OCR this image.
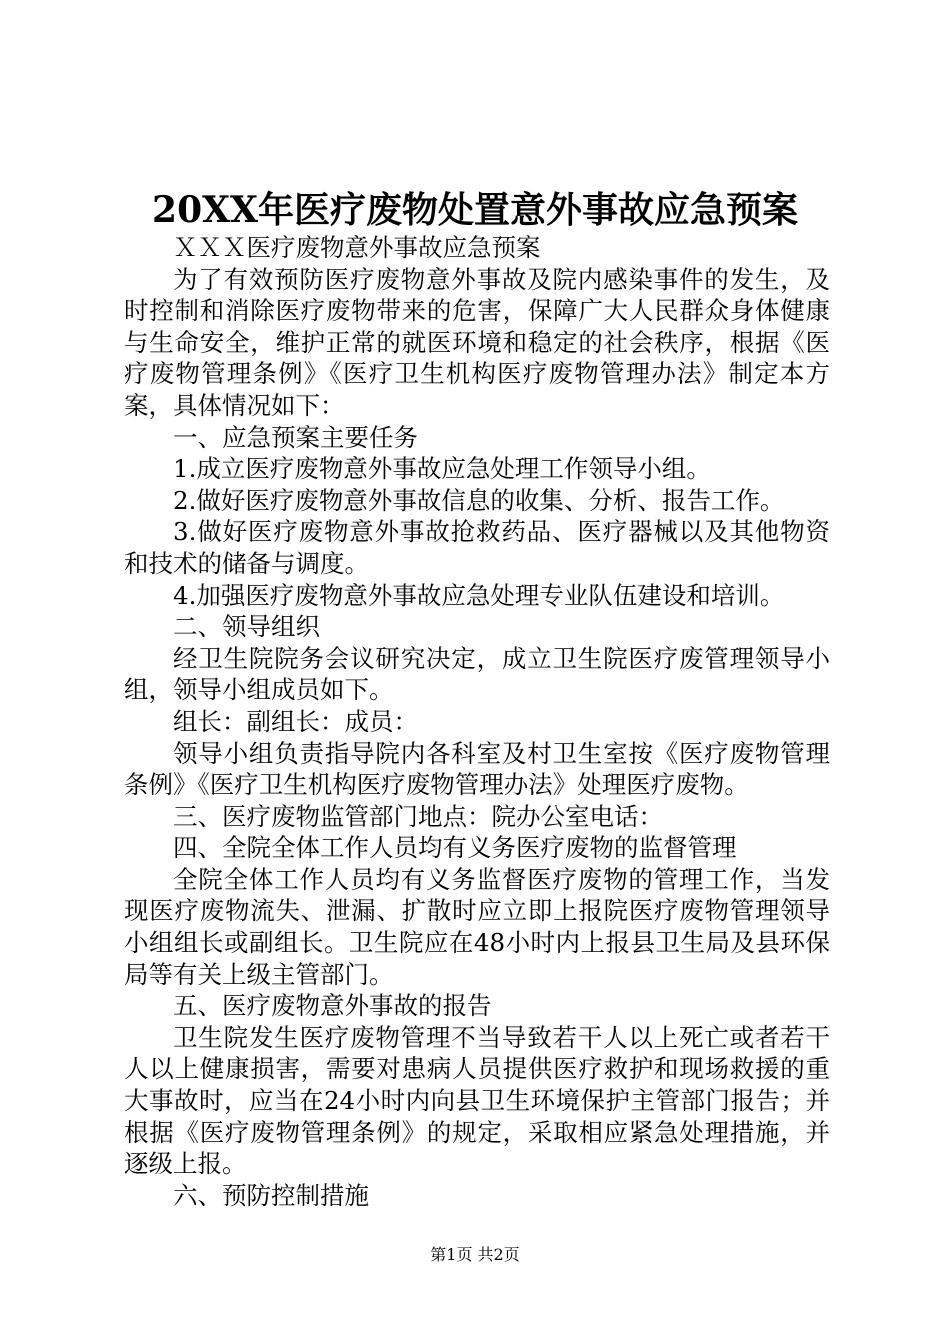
20XX年医疗废物处置意外事故应急预案

ＸＸＸ医疗废物意外事故应急预案

为了有效预防医疗废物意外事故及院内感染事件的发生，及时控制和消除医疗废物带来的危害，保障广大人民群众身体健康与生命安全，维护正常的就医环境和稳定的社会秩序，根据《医疗废物管理条例》《医疗卫生机构医疗废物管理办法》制定本方案，具体情况如下：

一、应急预案主要任务

1.成立医疗废物意外事故应急处理工作领导小组。

2.做好医疗废物意外事故信息的收集、分析、报告工作。

3.做好医疗废物意外事故抢救药品、医疗器械以及其他物资和技术的储备与调度。

4.加强医疗废物意外事故应急处理专业队伍建设和培训。

二、领导组织

经卫生院院务会议研究决定，成立卫生院医疗废管理领导小组，领导小组成员如下。

组长：副组长：成员：

领导小组负责指导院内各科室及村卫生室按《医疗废物管理条例》《医疗卫生机构医疗废物管理办法》处理医疗废物。

三、医疗废物监管部门地点：院办公室电话：

四、全院全体工作人员均有义务医疗废物的监督管理

全院全体工作人员均有义务监督医疗废物的管理工作，当发现医疗废物流失、泄漏、扩散时应立即上报院医疗废物管理领导小组组长或副组长。卫生院应在48小时内上报县卫生局及县环保局等有关上级主管部门。

五、医疗废物意外事故的报告

卫生院发生医疗废物管理不当导致若干人以上死亡或者若干人以上健康损害，需要对患病人员提供医疗救护和现场救援的重大事故时，应当在24小时内向县卫生环境保护主管部门报告；并根据《医疗废物管理条例》的规定，采取相应紧急处理措施，并逐级上报。

六、预防控制措施

第1页 共2页
